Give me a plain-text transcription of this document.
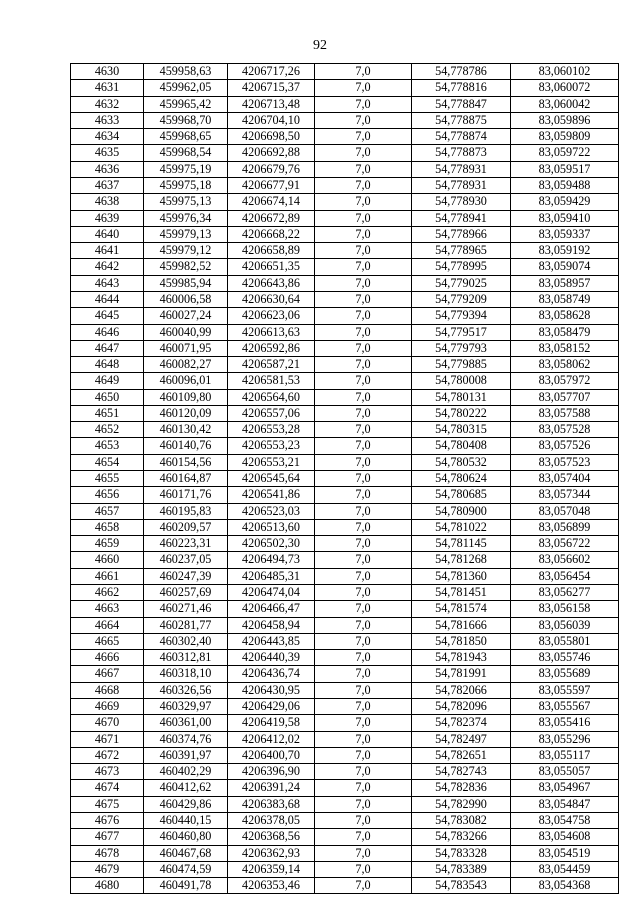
92
4630	459958,63	4206717,26	7,0	54,778786	83,060102
4631	459962,05	4206715,37	7,0	54,778816	83,060072
4632	459965,42	4206713,48	7,0	54,778847	83,060042
4633	459968,70	4206704,10	7,0	54,778875	83,059896
4634	459968,65	4206698,50	7,0	54,778874	83,059809
4635	459968,54	4206692,88	7,0	54,778873	83,059722
4636	459975,19	4206679,76	7,0	54,778931	83,059517
4637	459975,18	4206677,91	7,0	54,778931	83,059488
4638	459975,13	4206674,14	7,0	54,778930	83,059429
4639	459976,34	4206672,89	7,0	54,778941	83,059410
4640	459979,13	4206668,22	7,0	54,778966	83,059337
4641	459979,12	4206658,89	7,0	54,778965	83,059192
4642	459982,52	4206651,35	7,0	54,778995	83,059074
4643	459985,94	4206643,86	7,0	54,779025	83,058957
4644	460006,58	4206630,64	7,0	54,779209	83,058749
4645	460027,24	4206623,06	7,0	54,779394	83,058628
4646	460040,99	4206613,63	7,0	54,779517	83,058479
4647	460071,95	4206592,86	7,0	54,779793	83,058152
4648	460082,27	4206587,21	7,0	54,779885	83,058062
4649	460096,01	4206581,53	7,0	54,780008	83,057972
4650	460109,80	4206564,60	7,0	54,780131	83,057707
4651	460120,09	4206557,06	7,0	54,780222	83,057588
4652	460130,42	4206553,28	7,0	54,780315	83,057528
4653	460140,76	4206553,23	7,0	54,780408	83,057526
4654	460154,56	4206553,21	7,0	54,780532	83,057523
4655	460164,87	4206545,64	7,0	54,780624	83,057404
4656	460171,76	4206541,86	7,0	54,780685	83,057344
4657	460195,83	4206523,03	7,0	54,780900	83,057048
4658	460209,57	4206513,60	7,0	54,781022	83,056899
4659	460223,31	4206502,30	7,0	54,781145	83,056722
4660	460237,05	4206494,73	7,0	54,781268	83,056602
4661	460247,39	4206485,31	7,0	54,781360	83,056454
4662	460257,69	4206474,04	7,0	54,781451	83,056277
4663	460271,46	4206466,47	7,0	54,781574	83,056158
4664	460281,77	4206458,94	7,0	54,781666	83,056039
4665	460302,40	4206443,85	7,0	54,781850	83,055801
4666	460312,81	4206440,39	7,0	54,781943	83,055746
4667	460318,10	4206436,74	7,0	54,781991	83,055689
4668	460326,56	4206430,95	7,0	54,782066	83,055597
4669	460329,97	4206429,06	7,0	54,782096	83,055567
4670	460361,00	4206419,58	7,0	54,782374	83,055416
4671	460374,76	4206412,02	7,0	54,782497	83,055296
4672	460391,97	4206400,70	7,0	54,782651	83,055117
4673	460402,29	4206396,90	7,0	54,782743	83,055057
4674	460412,62	4206391,24	7,0	54,782836	83,054967
4675	460429,86	4206383,68	7,0	54,782990	83,054847
4676	460440,15	4206378,05	7,0	54,783082	83,054758
4677	460460,80	4206368,56	7,0	54,783266	83,054608
4678	460467,68	4206362,93	7,0	54,783328	83,054519
4679	460474,59	4206359,14	7,0	54,783389	83,054459
4680	460491,78	4206353,46	7,0	54,783543	83,054368
